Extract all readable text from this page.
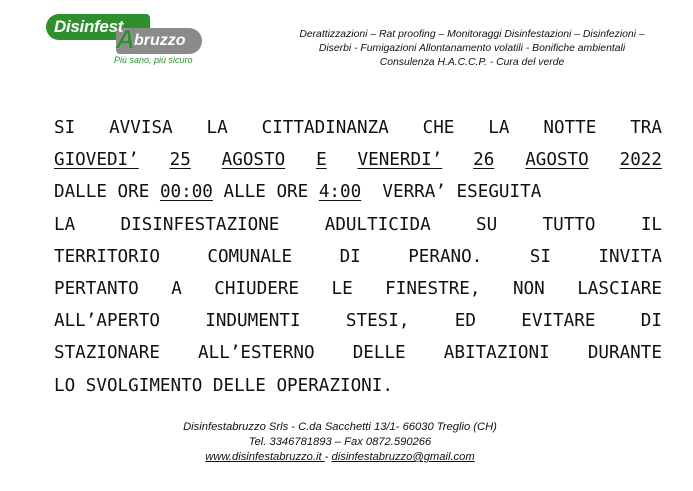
Disinfest
A bruzzo
Più sano, più sicuro
Derattizzazioni – Rat proofing – Monitoraggi Disinfestazioni – Disinfezioni –
Diserbi - Fumigazioni Allontanamento volatili - Bonifiche ambientali
Consulenza H.A.C.C.P. - Cura del verde
SI AVVISA LA CITTADINANZA CHE LA NOTTE TRA
GIOVEDI’ 25 AGOSTO E VENERDI’ 26 AGOSTO 2022
DALLE ORE 00:00 ALLE ORE 4:00 VERRA’ ESEGUITA
LA	DISINFESTAZIONE	ADULTICIDA	SU	TUTTO	IL
TERRITORIO	COMUNALE	DI	PERANO.	SI	INVITA
PERTANTO A CHIUDERE LE FINESTRE, NON LASCIARE
ALL’APERTO	INDUMENTI	STESI,	ED	EVITARE	DI
STAZIONARE ALL’ESTERNO DELLE ABITAZIONI DURANTE
LO SVOLGIMENTO DELLE OPERAZIONI.
Disinfestabruzzo Srls - C.da Sacchetti 13/1- 66030 Treglio (CH)
Tel. 3346781893 – Fax 0872.590266
www.disinfestabruzzo.it - disinfestabruzzo@gmail.com
